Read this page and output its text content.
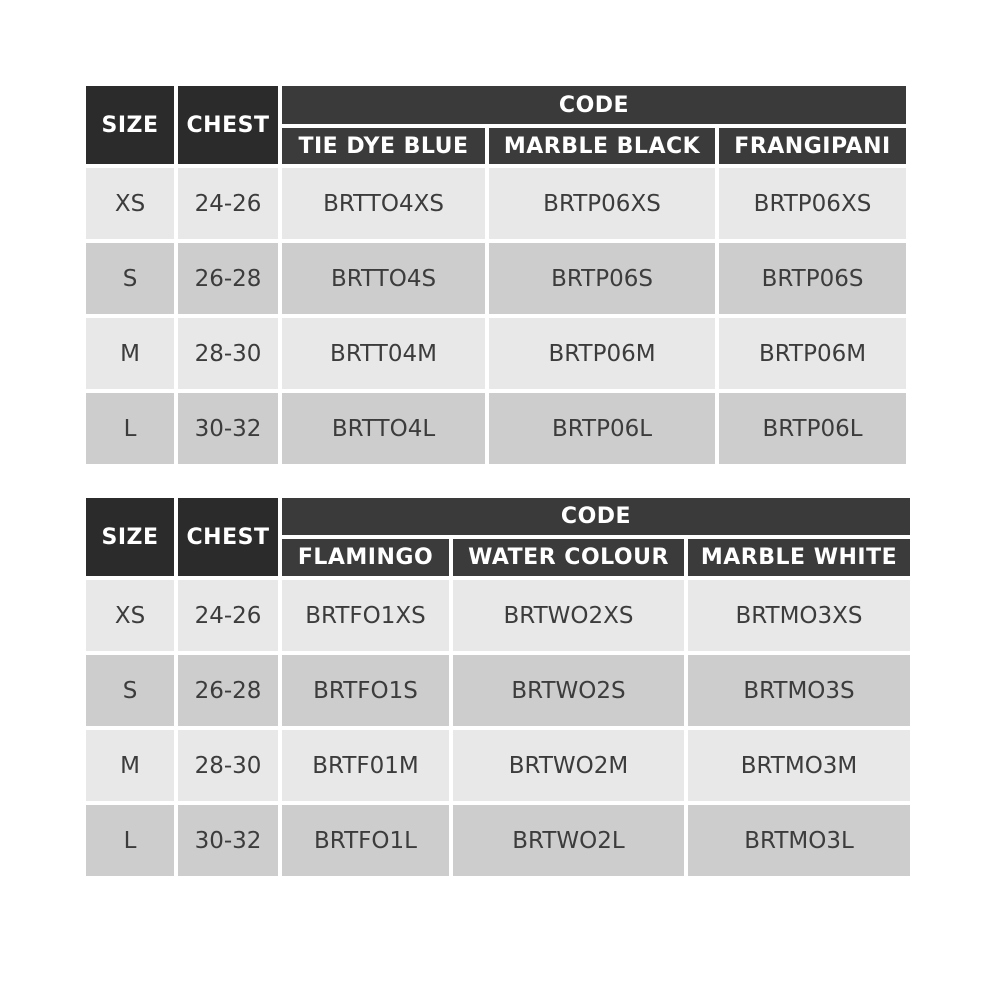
SIZE	CHEST
CODE
TIE DYE BLUE	MARBLE BLACK	FRANGIPANI
XS	24-26	BRTTO4XS	BRTP06XS	BRTP06XS
S	26-28	BRTTO4S	BRTP06S	BRTP06S
M	28-30	BRTT04M	BRTP06M	BRTP06M
L	30-32	BRTTO4L	BRTP06L	BRTP06L
SIZE	CHEST
CODE
FLAMINGO	WATER COLOUR	MARBLE WHITE
XS	24-26	BRTFO1XS	BRTWO2XS	BRTMO3XS
S	26-28	BRTFO1S	BRTWO2S	BRTMO3S
M	28-30	BRTF01M	BRTWO2M	BRTMO3M
L	30-32	BRTFO1L	BRTWO2L	BRTMO3L
